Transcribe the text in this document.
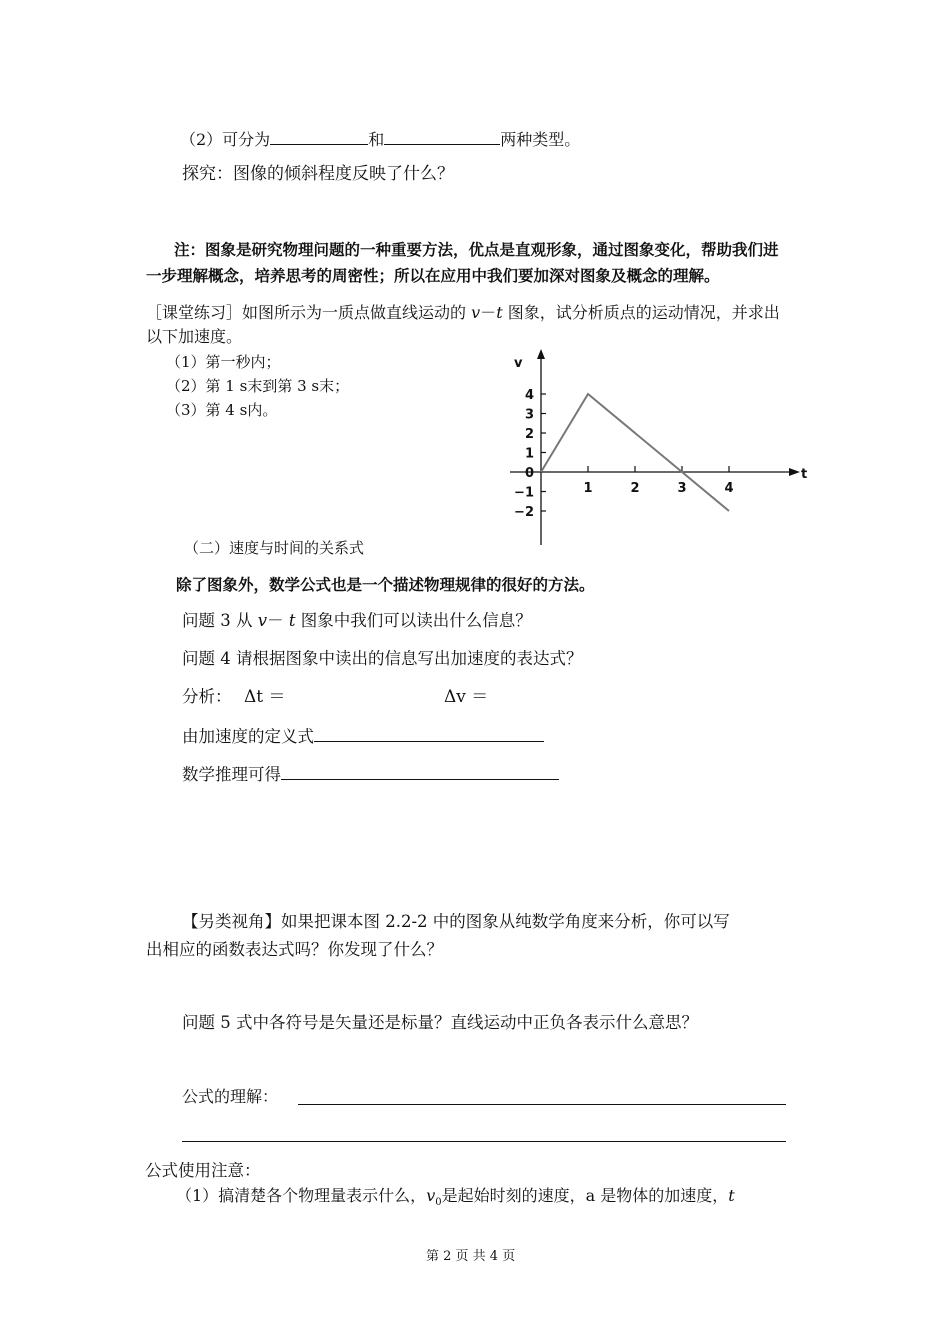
（2）可分为	和	两种类型。
探究：图像的倾斜程度反映了什么？
注：图象是研究物理问题的一种重要方法，优点是直观形象，通过图象变化，帮助我们进
一步理解概念，培养思考的周密性；所以在应用中我们要加深对图象及概念的理解。
［课堂练习］如图所示为一质点做直线运动的 v－t 图象，试分析质点的运动情况，并求出
以下加速度。
（1）第一秒内；
（2）第 1 s末到第 3 s末；
（3）第 4 s内。
v
t
1	2	3	4
4
3
2
1
0
−1
−2
（二）速度与时间的关系式
除了图象外，数学公式也是一个描述物理规律的很好的方法。
问题 3 从 v－ t 图象中我们可以读出什么信息？
问题 4 请根据图象中读出的信息写出加速度的表达式？
分析： Δt ＝	Δv ＝
由加速度的定义式
数学推理可得
【另类视角】如果把课本图 2.2-2 中的图象从纯数学角度来分析，你可以写
出相应的函数表达式吗？你发现了什么？
问题 5 式中各符号是矢量还是标量？直线运动中正负各表示什么意思？
公式的理解：
公式使用注意：
（1）搞清楚各个物理量表示什么，$v_0$是起始时刻的速度，a 是物体的加速度，t
第 2 页 共 4 页
